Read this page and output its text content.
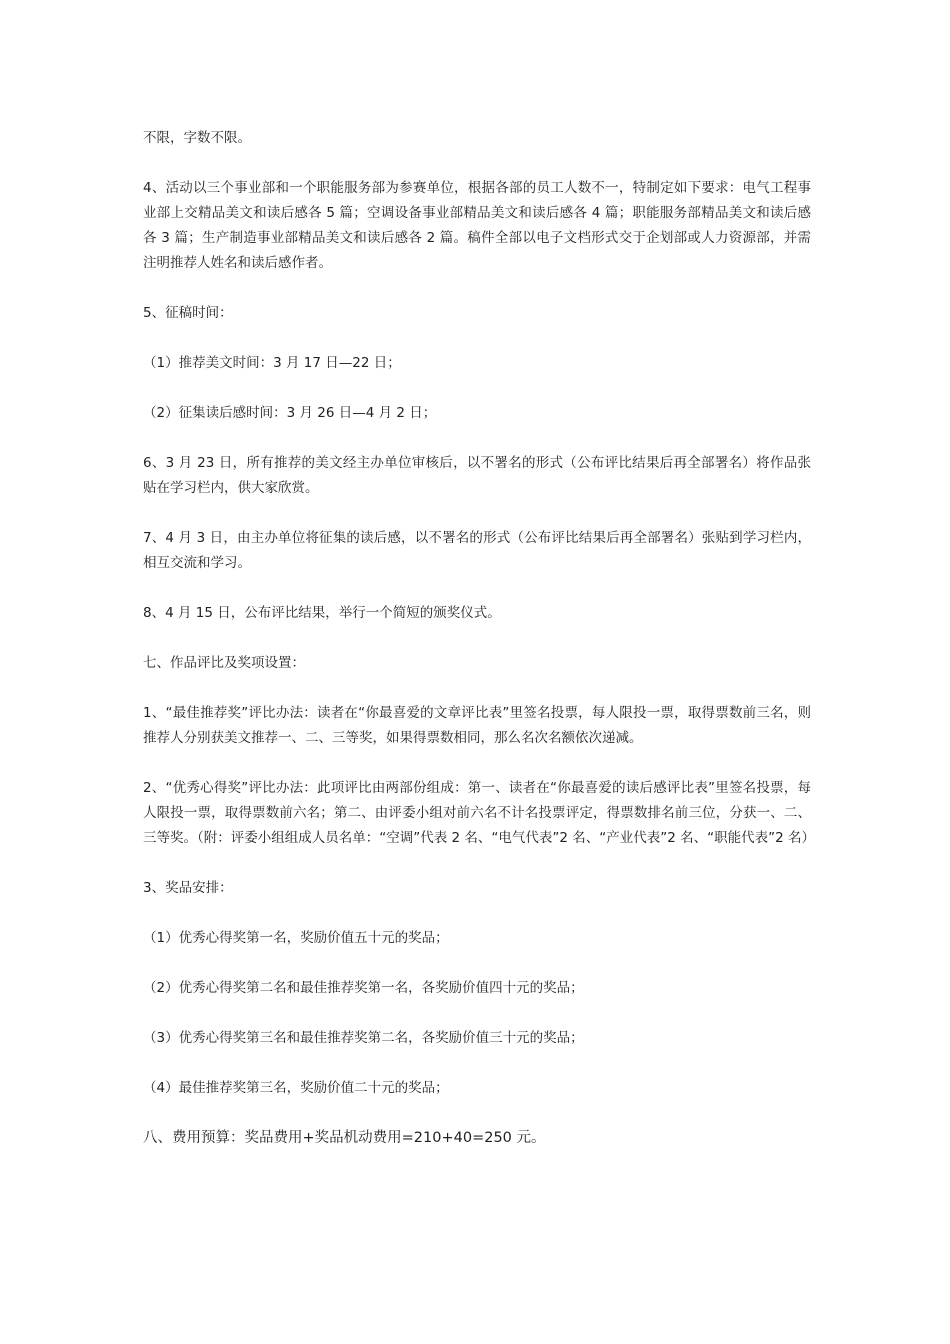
不限，字数不限。

4、活动以三个事业部和一个职能服务部为参赛单位，根据各部的员工人数不一，特制定如下要求：电气工程事业部上交精品美文和读后感各 5 篇；空调设备事业部精品美文和读后感各 4 篇；职能服务部精品美文和读后感各 3 篇；生产制造事业部精品美文和读后感各 2 篇。稿件全部以电子文档形式交于企划部或人力资源部，并需注明推荐人姓名和读后感作者。

5、征稿时间：

（1）推荐美文时间：3 月 17 日—22 日；

（2）征集读后感时间：3 月 26 日—4 月 2 日；

6、3 月 23 日，所有推荐的美文经主办单位审核后，以不署名的形式（公布评比结果后再全部署名）将作品张贴在学习栏内，供大家欣赏。

7、4 月 3 日，由主办单位将征集的读后感，以不署名的形式（公布评比结果后再全部署名）张贴到学习栏内，相互交流和学习。

8、4 月 15 日，公布评比结果，举行一个简短的颁奖仪式。

七、作品评比及奖项设置：

1、“最佳推荐奖”评比办法：读者在“你最喜爱的文章评比表”里签名投票，每人限投一票，取得票数前三名，则推荐人分别获美文推荐一、二、三等奖，如果得票数相同，那么名次名额依次递减。

2、“优秀心得奖”评比办法：此项评比由两部份组成：第一、读者在“你最喜爱的读后感评比表”里签名投票，每人限投一票，取得票数前六名；第二、由评委小组对前六名不计名投票评定，得票数排名前三位，分获一、二、三等奖。（附：评委小组组成人员名单：“空调”代表 2 名、“电气代表”2 名、“产业代表”2 名、“职能代表”2 名）

3、奖品安排：

（1）优秀心得奖第一名，奖励价值五十元的奖品；

（2）优秀心得奖第二名和最佳推荐奖第一名，各奖励价值四十元的奖品；

（3）优秀心得奖第三名和最佳推荐奖第二名，各奖励价值三十元的奖品；

（4）最佳推荐奖第三名，奖励价值二十元的奖品；

八、费用预算：奖品费用+奖品机动费用=210+40=250 元。
